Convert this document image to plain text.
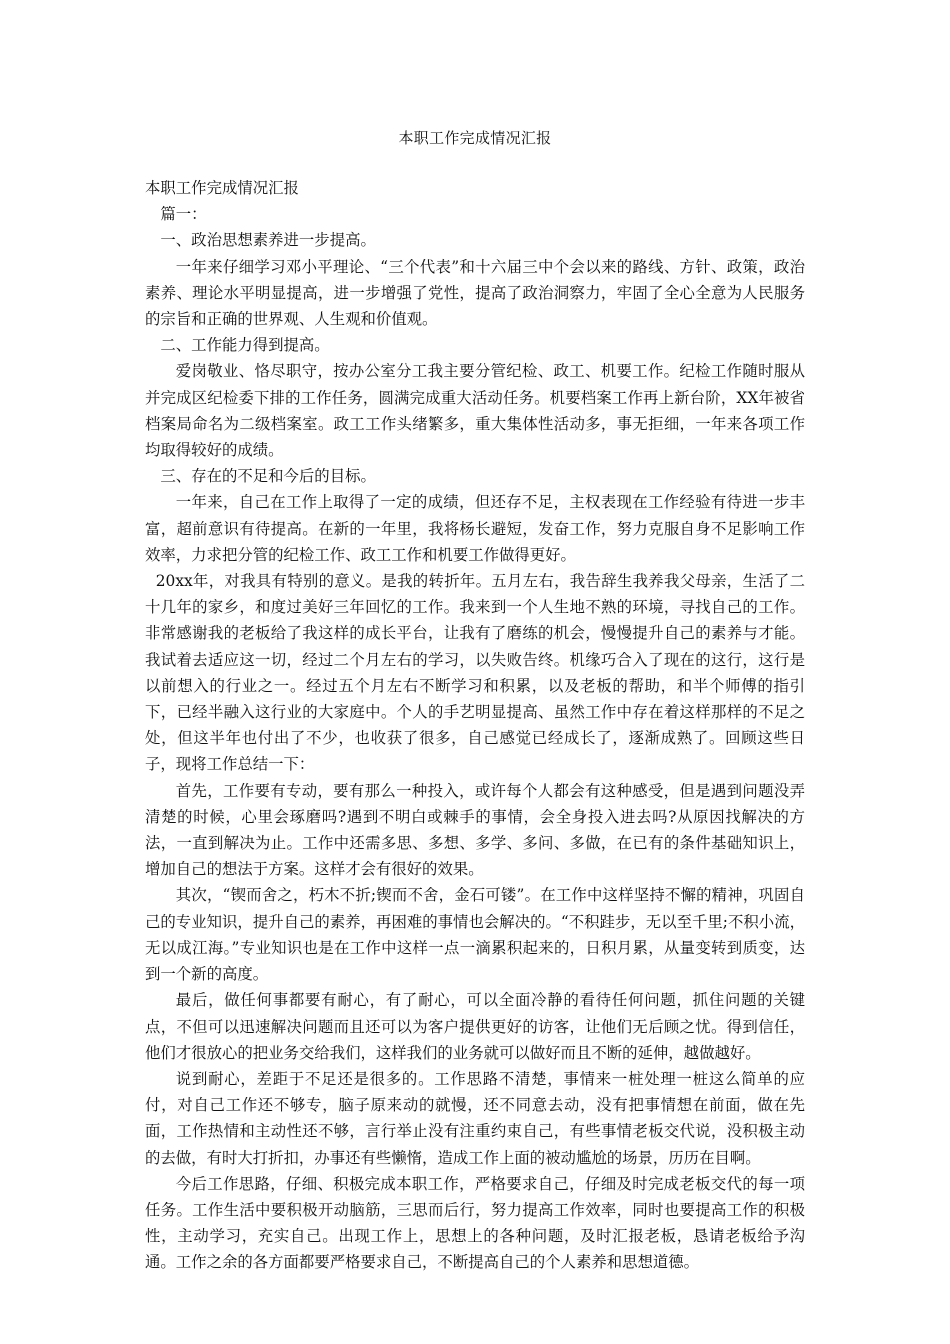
本职工作完成情况汇报

本职工作完成情况汇报

篇一：

一、政治思想素养进一步提高。

一年来仔细学习邓小平理论、“三个代表”和十六届三中个会以来的路线、方针、政策，政治素养、理论水平明显提高，进一步增强了党性，提高了政治洞察力，牢固了全心全意为人民服务的宗旨和正确的世界观、人生观和价值观。

二、工作能力得到提高。

爱岗敬业、恪尽职守，按办公室分工我主要分管纪检、政工、机要工作。纪检工作随时服从并完成区纪检委下排的工作任务，圆满完成重大活动任务。机要档案工作再上新台阶，XX年被省档案局命名为二级档案室。政工工作头绪繁多，重大集体性活动多，事无拒细，一年来各项工作均取得较好的成绩。

三、存在的不足和今后的目标。

一年来，自己在工作上取得了一定的成绩，但还存不足，主权表现在工作经验有待进一步丰富，超前意识有待提高。在新的一年里，我将杨长避短，发奋工作，努力克服自身不足影响工作效率，力求把分管的纪检工作、政工工作和机要工作做得更好。

20xx年，对我具有特别的意义。是我的转折年。五月左右，我告辞生我养我父母亲，生活了二十几年的家乡，和度过美好三年回忆的工作。我来到一个人生地不熟的环境，寻找自己的工作。非常感谢我的老板给了我这样的成长平台，让我有了磨练的机会，慢慢提升自己的素养与才能。我试着去适应这一切，经过二个月左右的学习，以失败告终。机缘巧合入了现在的这行，这行是以前想入的行业之一。经过五个月左右不断学习和积累，以及老板的帮助，和半个师傅的指引下，已经半融入这行业的大家庭中。个人的手艺明显提高、虽然工作中存在着这样那样的不足之处，但这半年也付出了不少，也收获了很多，自己感觉已经成长了，逐渐成熟了。回顾这些日子，现将工作总结一下：

首先，工作要有专动，要有那么一种投入，或许每个人都会有这种感受，但是遇到问题没弄清楚的时候，心里会琢磨吗?遇到不明白或棘手的事情，会全身投入进去吗?从原因找解决的方法，一直到解决为止。工作中还需多思、多想、多学、多问、多做，在已有的条件基础知识上，增加自己的想法于方案。这样才会有很好的效果。

其次，“锲而舍之，朽木不折;锲而不舍，金石可镂”。在工作中这样坚持不懈的精神，巩固自己的专业知识，提升自己的素养，再困难的事情也会解决的。“不积跬步，无以至千里;不积小流，无以成江海。”专业知识也是在工作中这样一点一滴累积起来的，日积月累，从量变转到质变，达到一个新的高度。

最后，做任何事都要有耐心，有了耐心，可以全面冷静的看待任何问题，抓住问题的关键点，不但可以迅速解决问题而且还可以为客户提供更好的访客，让他们无后顾之忧。得到信任，他们才很放心的把业务交给我们，这样我们的业务就可以做好而且不断的延伸，越做越好。

说到耐心，差距于不足还是很多的。工作思路不清楚，事情来一桩处理一桩这么简单的应付，对自己工作还不够专，脑子原来动的就慢，还不同意去动，没有把事情想在前面，做在先面，工作热情和主动性还不够，言行举止没有注重约束自己，有些事情老板交代说，没积极主动的去做，有时大打折扣，办事还有些懒惰，造成工作上面的被动尴尬的场景，历历在目啊。

今后工作思路，仔细、积极完成本职工作，严格要求自己，仔细及时完成老板交代的每一项任务。工作生活中要积极开动脑筋，三思而后行，努力提高工作效率，同时也要提高工作的积极性，主动学习，充实自己。出现工作上，思想上的各种问题，及时汇报老板，恳请老板给予沟通。工作之余的各方面都要严格要求自己，不断提高自己的个人素养和思想道德。
